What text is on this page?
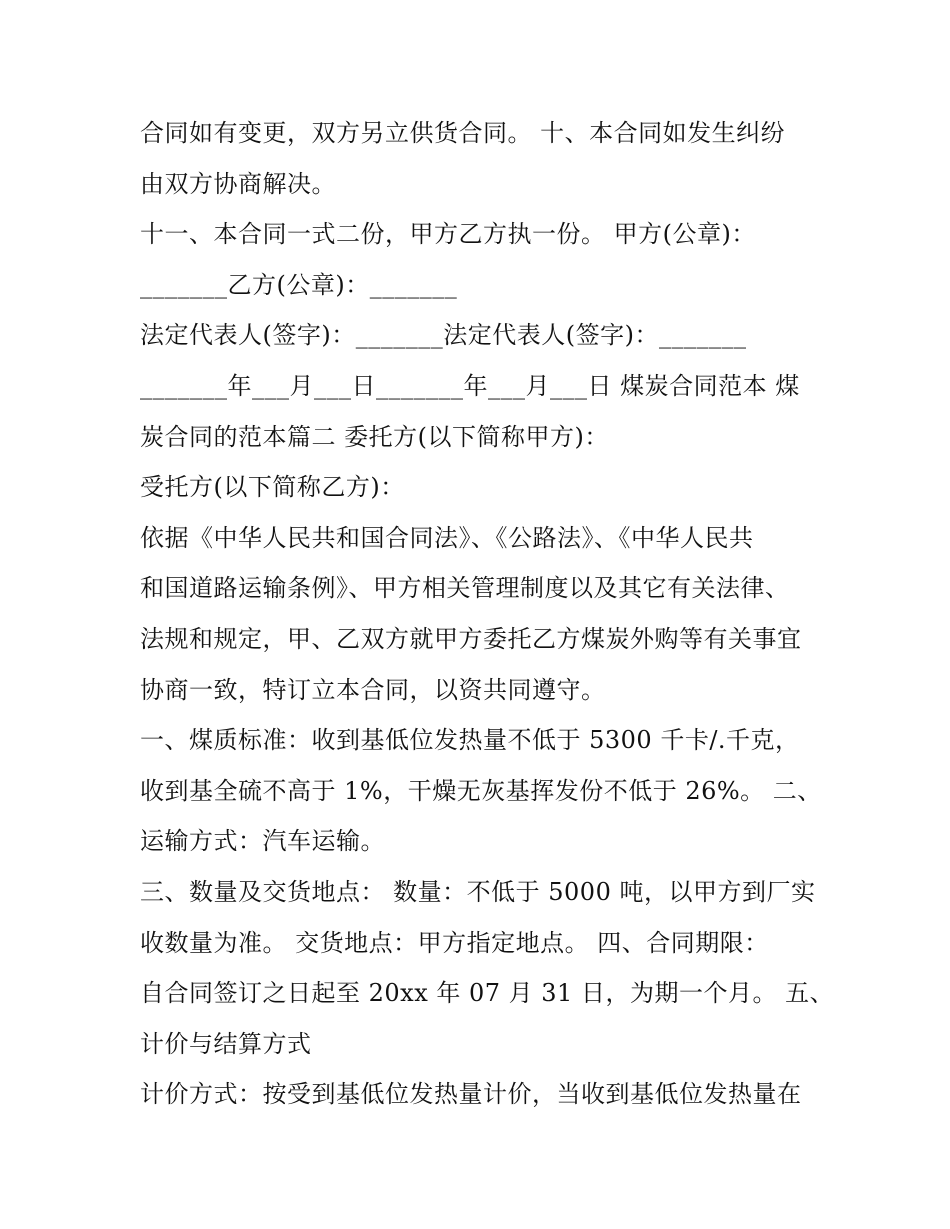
合同如有变更，双方另立供货合同。 十、本合同如发生纠纷
由双方协商解决。
十一、本合同一式二份，甲方乙方执一份。 甲方(公章)：
_______乙方(公章)：_______
法定代表人(签字)：_______法定代表人(签字)：_______
_______年___月___日_______年___月___日 煤炭合同范本 煤
炭合同的范本篇二 委托方(以下简称甲方)：
受托方(以下简称乙方)：
依据《中华人民共和国合同法》、《公路法》、《中华人民共
和国道路运输条例》、甲方相关管理制度以及其它有关法律、
法规和规定，甲、乙双方就甲方委托乙方煤炭外购等有关事宜
协商一致，特订立本合同，以资共同遵守。
一、煤质标准：收到基低位发热量不低于 5300 千卡/.千克，
收到基全硫不高于 1%，干燥无灰基挥发份不低于 26%。 二、
运输方式：汽车运输。
三、数量及交货地点： 数量：不低于 5000 吨，以甲方到厂实
收数量为准。 交货地点：甲方指定地点。 四、合同期限：
自合同签订之日起至 20xx 年 07 月 31 日，为期一个月。 五、
计价与结算方式
计价方式：按受到基低位发热量计价，当收到基低位发热量在
